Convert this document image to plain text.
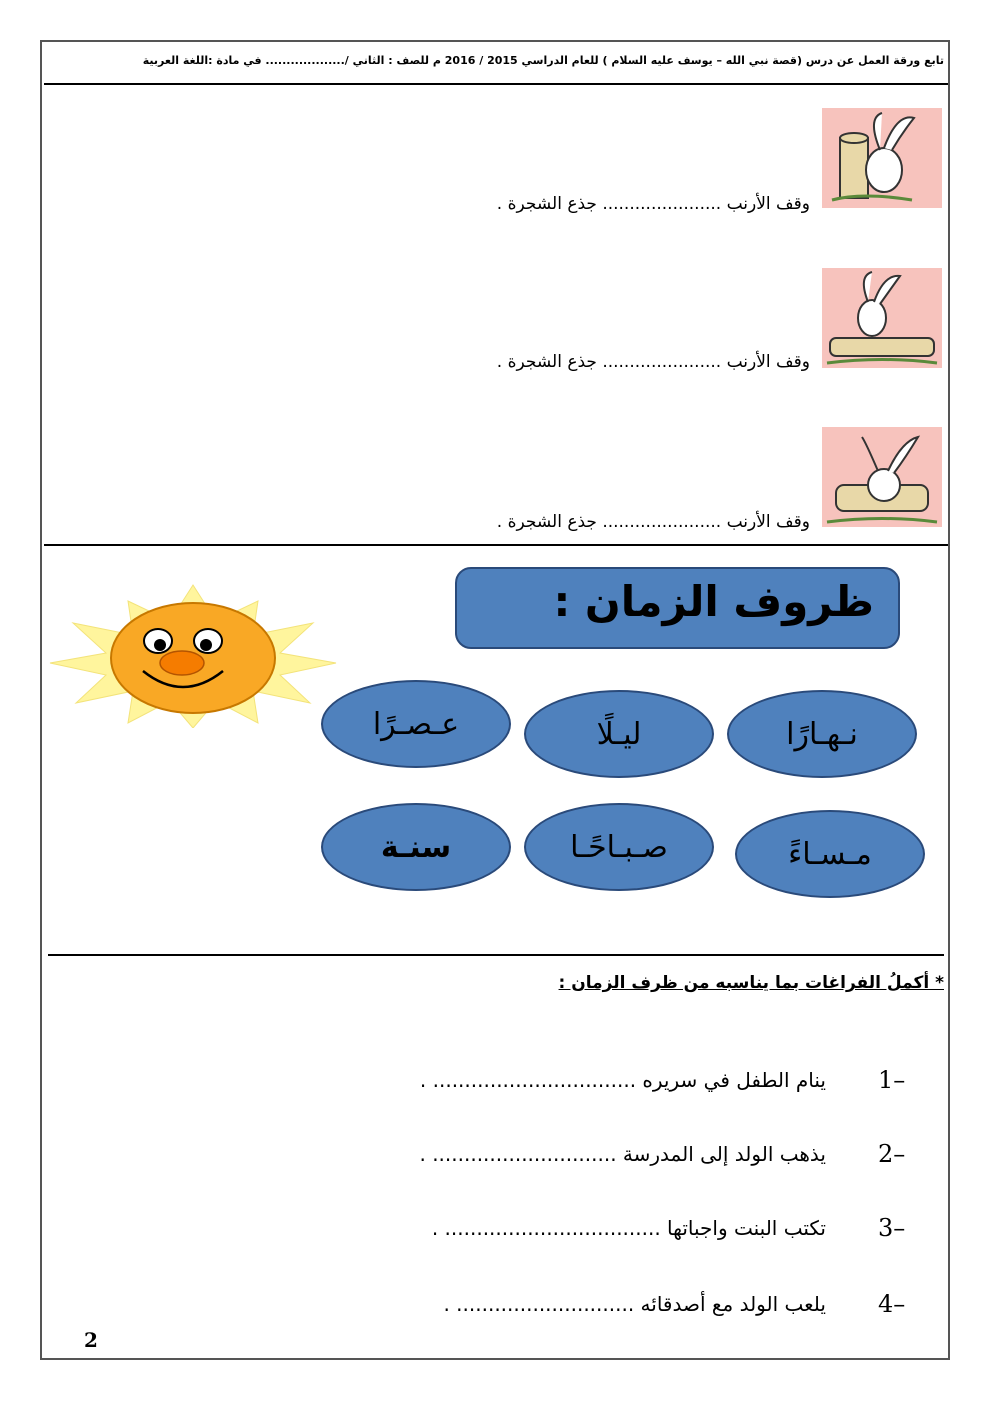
تابع ورقة العمل عن درس (قصة نبي الله – يوسف عليه السلام ) للعام الدراسي 2015 / 2016 م للصف : الثاني /................... في مادة :اللغة العربية
وقف الأرنب ...................... جذع الشجرة .
وقف الأرنب ...................... جذع الشجرة .
وقف الأرنب ...................... جذع الشجرة .
ظروف الزمان :
نـهـارًا
ليـلًا
عـصـرًا
مـسـاءً
صـبـاحًـا
سنـة
* أكملُ الفراغات بما يناسبه من ظرف الزمان :
1–
ينام الطفل في سريره ................................ .
2–
يذهب الولد إلى المدرسة ............................. .
3–
تكتب البنت واجباتها .................................. .
4–
يلعب الولد مع أصدقائه ............................ .
2
